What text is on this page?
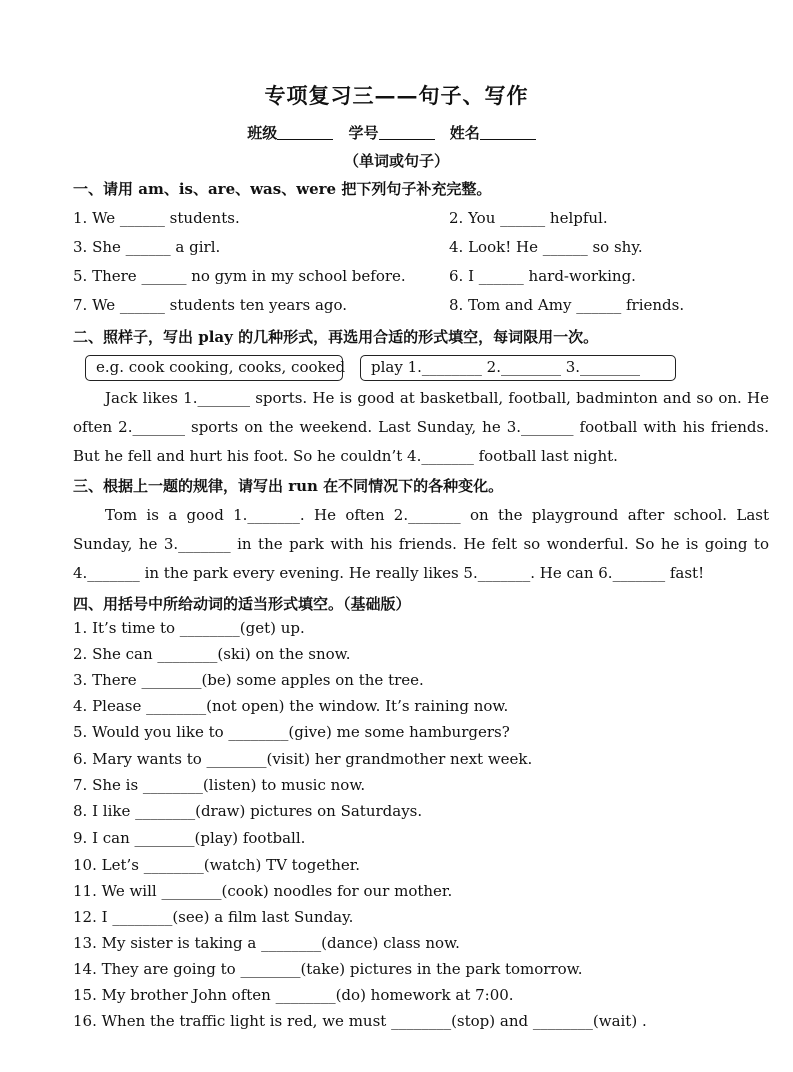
专项复习三——句子、写作
班级	学号	姓名
（单词或句子）
一、请用 am、is、are、was、were 把下列句子补充完整。
1. We ______ students.	2. You ______ helpful.
3. She ______ a girl.	4. Look! He ______ so shy.
5. There ______ no gym in my school before.	6. I ______ hard-working.
7. We ______ students ten years ago.	8. Tom and Amy ______ friends.
二、照样子，写出 play 的几种形式，再选用合适的形式填空，每词限用一次。
e.g. cook cooking, cooks, cooked	play 1.________ 2.________ 3.________
Jack likes 1._______ sports. He is good at basketball, football, badminton and so on. He often 2._______ sports on the weekend. Last Sunday, he 3._______ football with his friends. But he fell and hurt his foot. So he couldn’t 4._______ football last night.
三、根据上一题的规律，请写出 run 在不同情况下的各种变化。
Tom is a good 1._______. He often 2._______ on the playground after school. Last Sunday, he 3._______ in the park with his friends. He felt so wonderful. So he is going to 4._______ in the park every evening. He really likes 5._______. He can 6._______ fast!
四、用括号中所给动词的适当形式填空。（基础版）
1. It’s time to ________(get) up.
2. She can ________(ski) on the snow.
3. There ________(be) some apples on the tree.
4. Please ________(not open) the window. It’s raining now.
5. Would you like to ________(give) me some hamburgers?
6. Mary wants to ________(visit) her grandmother next week.
7. She is ________(listen) to music now.
8. I like ________(draw) pictures on Saturdays.
9. I can ________(play) football.
10. Let’s ________(watch) TV together.
11. We will ________(cook) noodles for our mother.
12. I ________(see) a film last Sunday.
13. My sister is taking a ________(dance) class now.
14. They are going to ________(take) pictures in the park tomorrow.
15. My brother John often ________(do) homework at 7:00.
16. When the traffic light is red, we must ________(stop) and ________(wait) .
